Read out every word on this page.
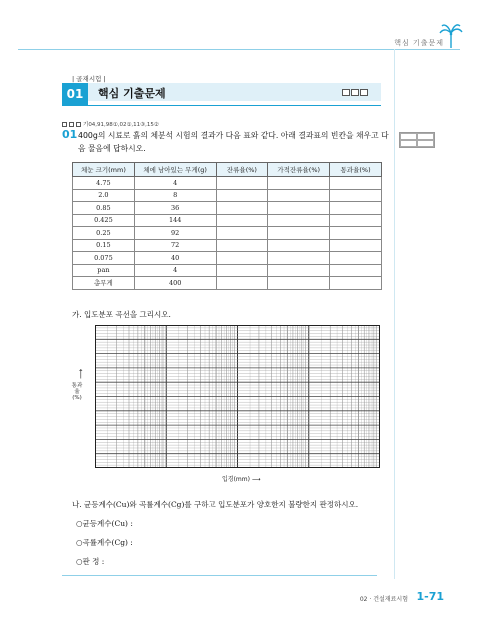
핵심 기출문제
| 골재시험 |
01	핵심 기출문제
기04,91,98①,02①,11③,15②
01 400g의 시료로 흙의 체분석 시험의 결과가 다음 표와 같다. 아래 결과표의 빈칸을 채우고 다음 물음에 답하시오.
체눈 크기(mm)	체에 남아있는 무게(g)	잔류율(%)	가적잔류율(%)	통과율(%)
4.75	4			
2.0	8			
0.85	36			
0.425	144			
0.25	92			
0.15	72			
0.075	40			
pan	4			
총무게	400			
가. 입도분포 곡선을 그리시오.
⟶
통과율(%)
입경(mm) ⟶
나. 균등계수(Cu)와 곡률계수(Cg)를 구하고 입도분포가 양호한지 불량한지 판정하시오.
○균등계수(Cu) :
○곡률계수(Cg) :
○판 정 :
1-71
02 · 건설재료시험
